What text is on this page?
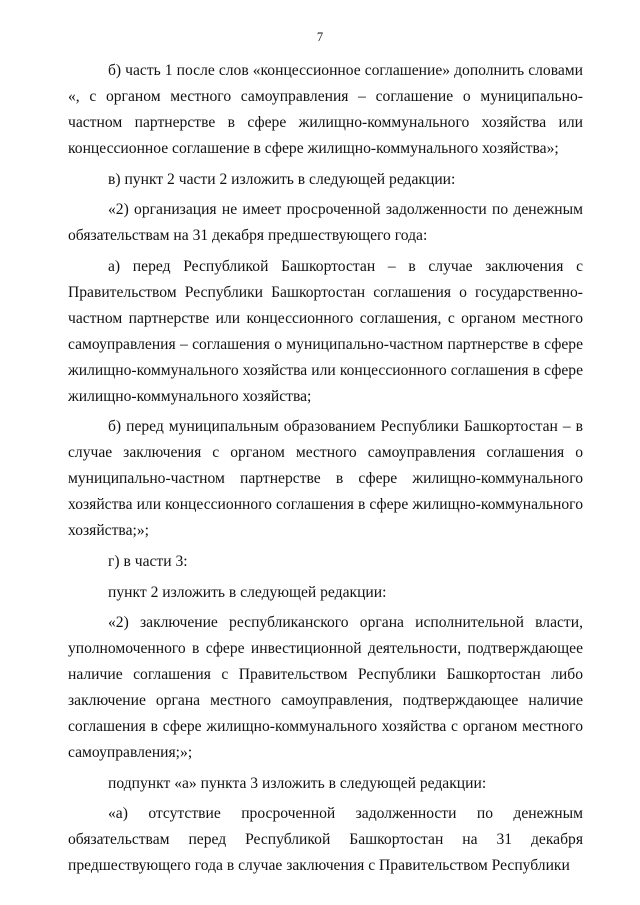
7

б) часть 1 после слов «концессионное соглашение» дополнить словами «, с органом местного самоуправления – соглашение о муниципально-частном партнерстве в сфере жилищно-коммунального хозяйства или концессионное соглашение в сфере жилищно-коммунального хозяйства»;

в) пункт 2 части 2 изложить в следующей редакции:

«2) организация не имеет просроченной задолженности по денежным обязательствам на 31 декабря предшествующего года:

а) перед Республикой Башкортостан – в случае заключения с Правительством Республики Башкортостан соглашения о государственно-частном партнерстве или концессионного соглашения, с органом местного самоуправления – соглашения о муниципально-частном партнерстве в сфере жилищно-коммунального хозяйства или концессионного соглашения в сфере жилищно-коммунального хозяйства;

б) перед муниципальным образованием Республики Башкортостан – в случае заключения с органом местного самоуправления соглашения о муниципально-частном партнерстве в сфере жилищно-коммунального хозяйства или концессионного соглашения в сфере жилищно-коммунального хозяйства;»;

г) в части 3:

пункт 2 изложить в следующей редакции:

«2) заключение республиканского органа исполнительной власти, уполномоченного в сфере инвестиционной деятельности, подтверждающее наличие соглашения с Правительством Республики Башкортостан либо заключение органа местного самоуправления, подтверждающее наличие соглашения в сфере жилищно-коммунального хозяйства с органом местного самоуправления;»;

подпункт «а» пункта 3 изложить в следующей редакции:

«а) отсутствие просроченной задолженности по денежным обязательствам перед Республикой Башкортостан на 31 декабря предшествующего года в случае заключения с Правительством Республики
